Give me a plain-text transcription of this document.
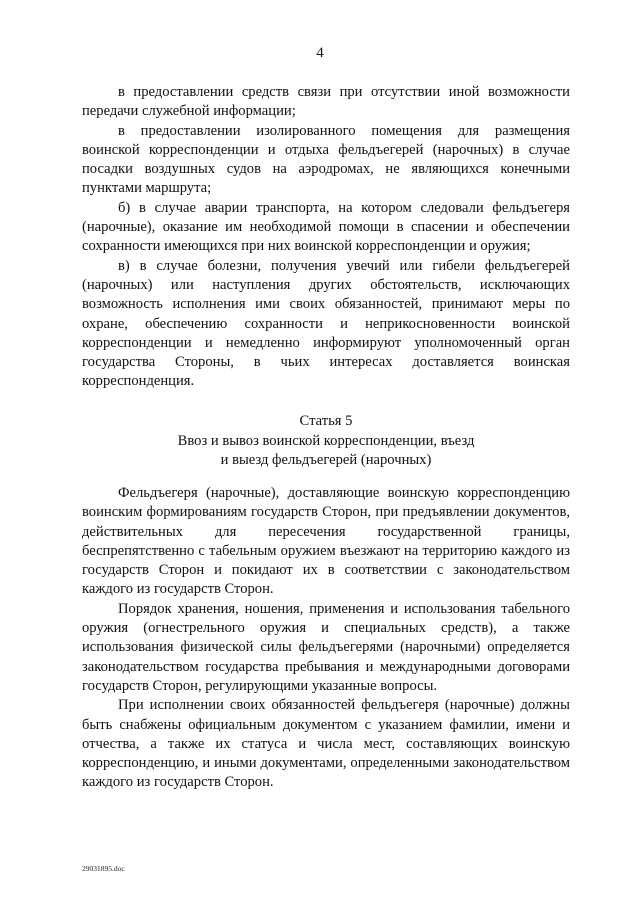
4

в предоставлении средств связи при отсутствии иной возможности передачи служебной информации;

в предоставлении изолированного помещения для размещения воинской корреспонденции и отдыха фельдъегерей (нарочных) в случае посадки воздушных судов на аэродромах, не являющихся конечными пунктами маршрута;

б) в случае аварии транспорта, на котором следовали фельдъегеря (нарочные), оказание им необходимой помощи в спасении и обеспечении сохранности имеющихся при них воинской корреспонденции и оружия;

в) в случае болезни, получения увечий или гибели фельдъегерей (нарочных) или наступления других обстоятельств, исключающих возможность исполнения ими своих обязанностей, принимают меры по охране, обеспечению сохранности и неприкосновенности воинской корреспонденции и немедленно информируют уполномоченный орган государства Стороны, в чьих интересах доставляется воинская корреспонденция.

Статья 5
Ввоз и вывоз воинской корреспонденции, въезд
и выезд фельдъегерей (нарочных)

Фельдъегеря (нарочные), доставляющие воинскую корреспонденцию воинским формированиям государств Сторон, при предъявлении документов, действительных для пересечения государственной границы, беспрепятственно с табельным оружием въезжают на территорию каждого из государств Сторон и покидают их в соответствии с законодательством каждого из государств Сторон.

Порядок хранения, ношения, применения и использования табельного оружия (огнестрельного оружия и специальных средств), а также использования физической силы фельдъегерями (нарочными) определяется законодательством государства пребывания и международными договорами государств Сторон, регулирующими указанные вопросы.

При исполнении своих обязанностей фельдъегеря (нарочные) должны быть снабжены официальным документом с указанием фамилии, имени и отчества, а также их статуса и числа мест, составляющих воинскую корреспонденцию, и иными документами, определенными законодательством каждого из государств Сторон.

29031895.doc
